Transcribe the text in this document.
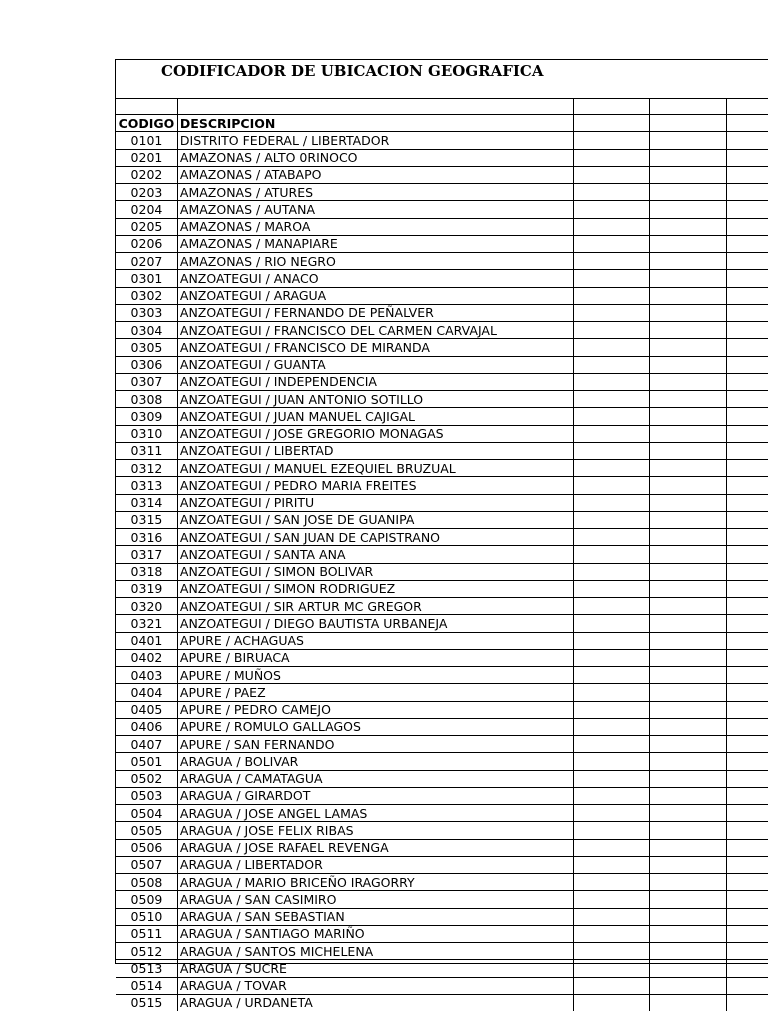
CODIFICADOR DE UBICACION GEOGRAFICA

CODIGO	DESCRIPCION			
0101	DISTRITO FEDERAL / LIBERTADOR			
0201	AMAZONAS / ALTO 0RINOCO			
0202	AMAZONAS / ATABAPO			
0203	AMAZONAS / ATURES			
0204	AMAZONAS / AUTANA			
0205	AMAZONAS / MAROA			
0206	AMAZONAS / MANAPIARE			
0207	AMAZONAS / RIO NEGRO			
0301	ANZOATEGUI / ANACO			
0302	ANZOATEGUI / ARAGUA			
0303	ANZOATEGUI / FERNANDO DE PEÑALVER			
0304	ANZOATEGUI / FRANCISCO DEL CARMEN CARVAJAL			
0305	ANZOATEGUI / FRANCISCO DE MIRANDA			
0306	ANZOATEGUI / GUANTA			
0307	ANZOATEGUI / INDEPENDENCIA			
0308	ANZOATEGUI / JUAN ANTONIO SOTILLO			
0309	ANZOATEGUI / JUAN MANUEL CAJIGAL			
0310	ANZOATEGUI / JOSE GREGORIO MONAGAS			
0311	ANZOATEGUI / LIBERTAD			
0312	ANZOATEGUI / MANUEL EZEQUIEL BRUZUAL			
0313	ANZOATEGUI / PEDRO MARIA FREITES			
0314	ANZOATEGUI / PIRITU			
0315	ANZOATEGUI / SAN JOSE DE GUANIPA			
0316	ANZOATEGUI / SAN JUAN DE CAPISTRANO			
0317	ANZOATEGUI / SANTA ANA			
0318	ANZOATEGUI / SIMON BOLIVAR			
0319	ANZOATEGUI / SIMON RODRIGUEZ			
0320	ANZOATEGUI / SIR ARTUR MC GREGOR			
0321	ANZOATEGUI / DIEGO BAUTISTA URBANEJA			
0401	APURE / ACHAGUAS			
0402	APURE / BIRUACA			
0403	APURE / MUÑOS			
0404	APURE / PAEZ			
0405	APURE / PEDRO CAMEJO			
0406	APURE / ROMULO GALLAGOS			
0407	APURE / SAN FERNANDO			
0501	ARAGUA / BOLIVAR			
0502	ARAGUA / CAMATAGUA			
0503	ARAGUA / GIRARDOT			
0504	ARAGUA / JOSE ANGEL LAMAS			
0505	ARAGUA / JOSE FELIX RIBAS			
0506	ARAGUA / JOSE RAFAEL REVENGA			
0507	ARAGUA / LIBERTADOR			
0508	ARAGUA / MARIO BRICEÑO IRAGORRY			
0509	ARAGUA / SAN CASIMIRO			
0510	ARAGUA / SAN SEBASTIAN			
0511	ARAGUA / SANTIAGO MARIÑO			
0512	ARAGUA / SANTOS MICHELENA			
0513	ARAGUA / SUCRE			
0514	ARAGUA / TOVAR			
0515	ARAGUA / URDANETA			
